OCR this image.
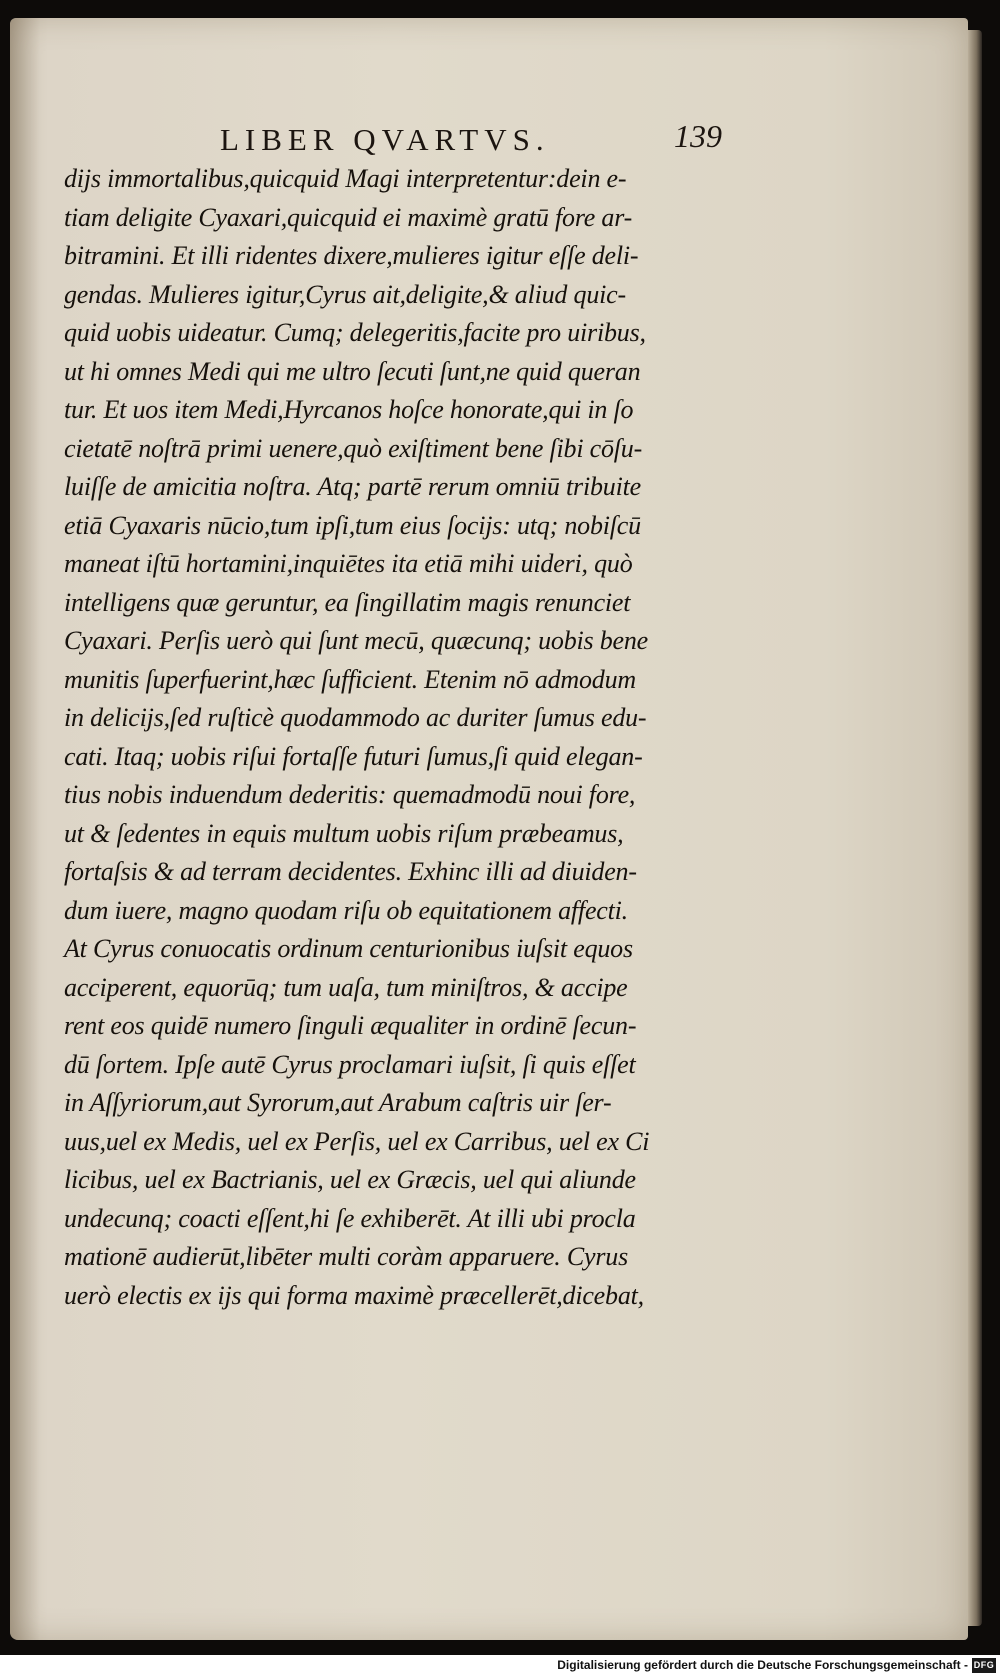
LIBER QVARTVS.	139
dijs immortalibus,quicquid Magi interpretentur:dein e-
tiam deligite Cyaxari,quicquid ei maximè gratū fore ar-
bitramini. Et illi ridentes dixere,mulieres igitur eſſe deli-
gendas. Mulieres igitur,Cyrus ait,deligite,& aliud quic-
quid uobis uideatur. Cumq; delegeritis,facite pro uiribus,
ut hi omnes Medi qui me ultro ſecuti ſunt,ne quid queran
tur. Et uos item Medi,Hyrcanos hoſce honorate,qui in ſo
cietatē noſtrā primi uenere,quò exiſtiment bene ſibi cōſu-
luiſſe de amicitia noſtra. Atq; partē rerum omniū tribuite
etiā Cyaxaris nūcio,tum ipſi,tum eius ſocijs: utq; nobiſcū
maneat iſtū hortamini,inquiētes ita etiā mihi uideri, quò
intelligens quæ geruntur, ea ſingillatim magis renunciet
Cyaxari. Perſis uerò qui ſunt mecū, quæcunq; uobis bene
munitis ſuperfuerint,hæc ſufficient. Etenim nō admodum
in delicijs,ſed ruſticè quodammodo ac duriter ſumus edu-
cati. Itaq; uobis riſui fortaſſe futuri ſumus,ſi quid elegan-
tius nobis induendum dederitis: quemadmodū noui fore,
ut & ſedentes in equis multum uobis riſum præbeamus,
fortaſsis & ad terram decidentes. Exhinc illi ad diuiden-
dum iuere, magno quodam riſu ob equitationem affecti.
At Cyrus conuocatis ordinum centurionibus iuſsit equos
acciperent, equorūq; tum uaſa, tum miniſtros, & accipe
rent eos quidē numero ſinguli æqualiter in ordinē ſecun-
dū ſortem. Ipſe autē Cyrus proclamari iuſsit, ſi quis eſſet
in Aſſyriorum,aut Syrorum,aut Arabum caſtris uir ſer-
uus,uel ex Medis, uel ex Perſis, uel ex Carribus, uel ex Ci
licibus, uel ex Bactrianis, uel ex Græcis, uel qui aliunde
undecunq; coacti eſſent,hi ſe exhiberēt. At illi ubi procla
mationē audierūt,libēter multi coràm apparuere. Cyrus
uerò electis ex ijs qui forma maximè præcellerēt,dicebat,
Digitalisierung gefördert durch die Deutsche Forschungsgemeinschaft - DFG
